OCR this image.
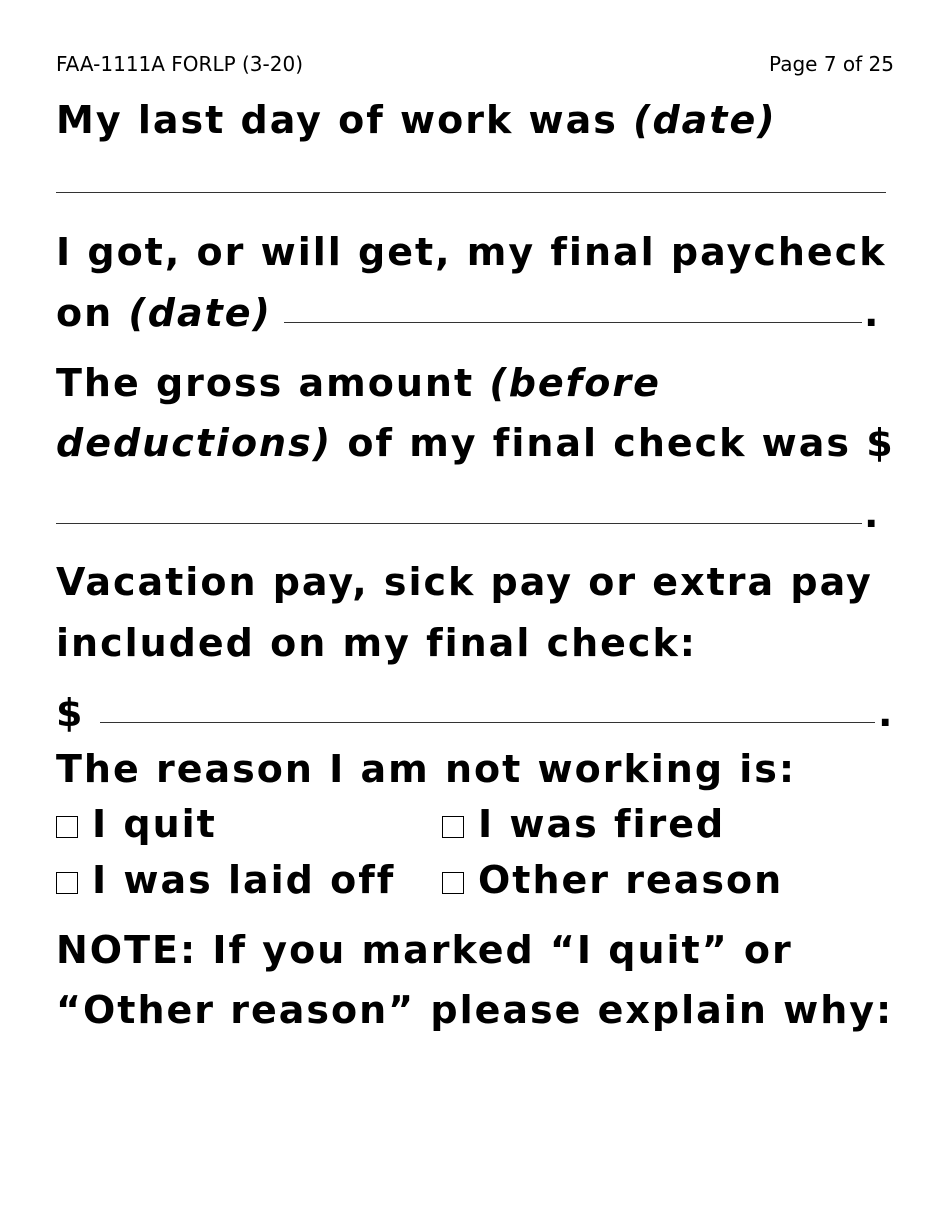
FAA-1111A FORLP (3-20)	Page 7 of 25
My last day of work was (date)
I got, or will get, my final paycheck
on (date)	.
The gross amount (before
deductions) of my final check was $
.
Vacation pay, sick pay or extra pay
included on my final check:
$	.
The reason I am not working is:
I quit	I was fired
I was laid off	Other reason
NOTE: If you marked “I quit” or
“Other reason” please explain why:
